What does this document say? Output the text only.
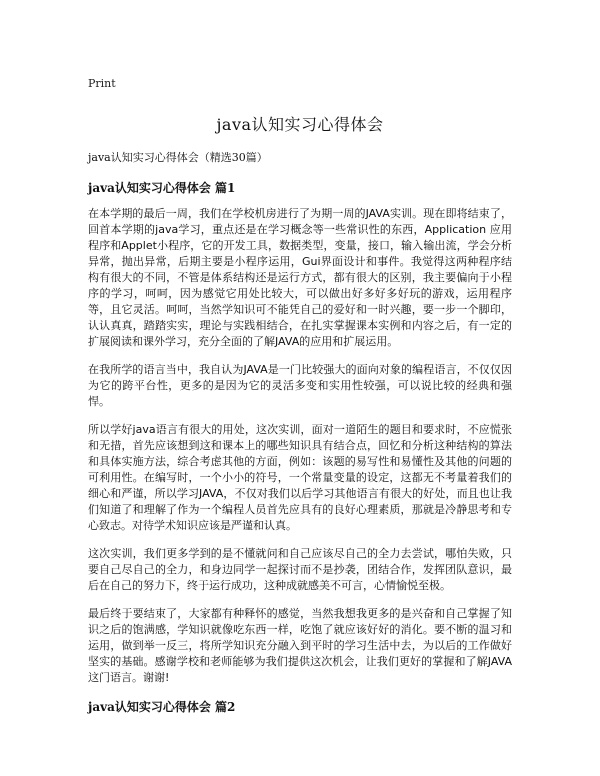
Print
java认知实习心得体会

java认知实习心得体会（精选30篇）

java认知实习心得体会 篇1

在本学期的最后一周，我们在学校机房进行了为期一周的JAVA实训。现在即将结束了，回首本学期的java学习，重点还是在学习概念等一些常识性的东西，Application 应用程序和Applet小程序，它的开发工具，数据类型，变量，接口，输入输出流，学会分析异常，抛出异常，后期主要是小程序运用，Gui界面设计和事件。我觉得这两种程序结构有很大的不同，不管是体系结构还是运行方式，都有很大的区别，我主要偏向于小程序的学习，呵呵，因为感觉它用处比较大，可以做出好多好多好玩的游戏，运用程序等，且它灵活。呵呵，当然学知识可不能凭自己的爱好和一时兴趣，要一步一个脚印，认认真真，踏踏实实，理论与实践相结合，在扎实掌握课本实例和内容之后，有一定的扩展阅读和课外学习，充分全面的了解JAVA的应用和扩展运用。

在我所学的语言当中，我自认为JAVA是一门比较强大的面向对象的编程语言，不仅仅因为它的跨平台性，更多的是因为它的灵活多变和实用性较强，可以说比较的经典和强悍。

所以学好java语言有很大的用处，这次实训，面对一道陌生的题目和要求时，不应慌张和无措，首先应该想到这和课本上的哪些知识具有结合点，回忆和分析这种结构的算法和具体实施方法，综合考虑其他的方面，例如：该题的易写性和易懂性及其他的问题的可利用性。在编写时，一个小小的符号，一个常量变量的设定，这都无不考量着我们的细心和严谨，所以学习JAVA，不仅对我们以后学习其他语言有很大的好处，而且也让我们知道了和理解了作为一个编程人员首先应具有的良好心理素质，那就是冷静思考和专心致志。对待学术知识应该是严谨和认真。

这次实训，我们更多学到的是不懂就问和自己应该尽自己的全力去尝试，哪怕失败，只要自己尽自己的全力，和身边同学一起探讨而不是抄袭，团结合作，发挥团队意识，最后在自己的努力下，终于运行成功，这种成就感美不可言，心情愉悦至极。

最后终于要结束了，大家都有种释怀的感觉，当然我想我更多的是兴奋和自己掌握了知识之后的饱满感，学知识就像吃东西一样，吃饱了就应该好好的消化。要不断的温习和运用，做到举一反三，将所学知识充分融入到平时的学习生活中去，为以后的工作做好坚实的基础。感谢学校和老师能够为我们提供这次机会，让我们更好的掌握和了解JAVA这门语言。谢谢!

java认知实习心得体会 篇2
